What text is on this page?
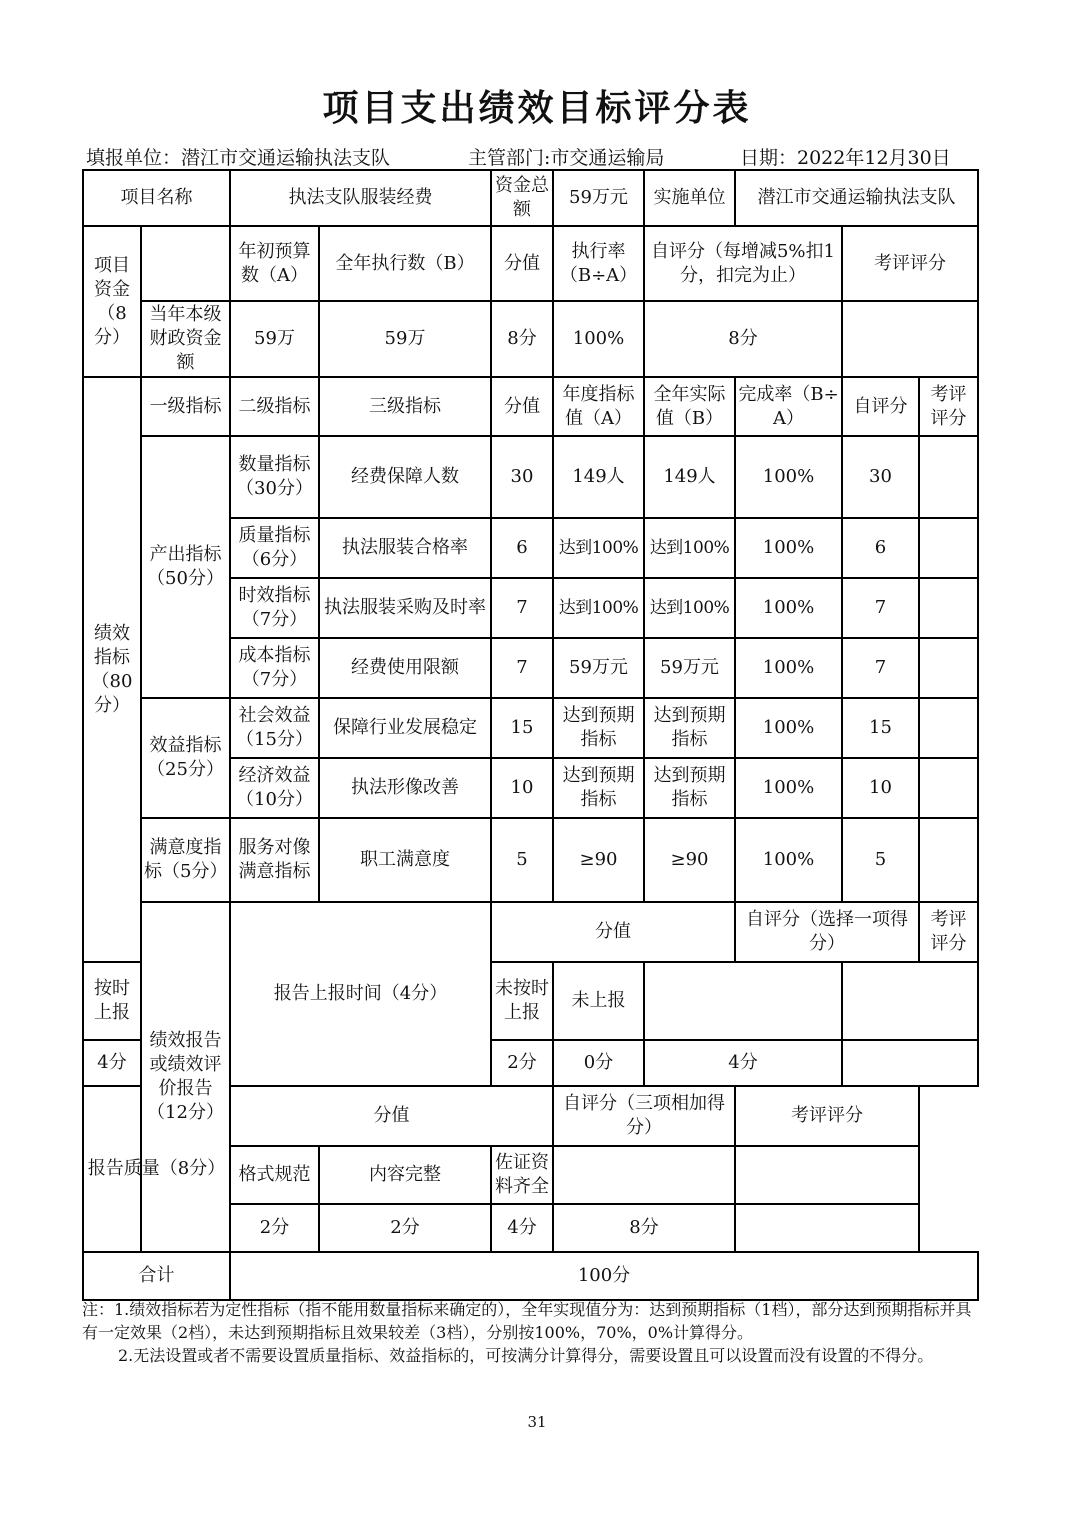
项目支出绩效目标评分表
填报单位：潜江市交通运输执法支队	主管部门:市交通运输局	日期：2022年12月30日
项目名称		执法支队服装经费		资金总额	59万元	实施单位	潜江市交通运输执法支队		
项目资金（8分）		年初预算数（A）	全年执行数（B）	分值	执行率（B÷A）	自评分（每增减5%扣1分，扣完为止）		考评评分	
	当年本级财政资金额	59万	59万	8分	100%	8分			
绩效指标（80分）	一级指标	二级指标	三级指标	分值	年度指标值（A）	全年实际值（B）	完成率（B÷A）	自评分	考评评分
	产出指标（50分）	数量指标（30分）	经费保障人数	30	149人	149人	100%	30	
		质量指标（6分）	执法服装合格率	6	达到100%	达到100%	100%	6	
		时效指标（7分）	执法服装采购及时率	7	达到100%	达到100%	100%	7	
		成本指标（7分）	经费使用限额	7	59万元	59万元	100%	7	
	效益指标（25分）	社会效益（15分）	保障行业发展稳定	15	达到预期指标	达到预期指标	100%	15	
		经济效益（10分）	执法形像改善	10	达到预期指标	达到预期指标	100%	10	
	满意度指标（5分）	服务对像满意指标	职工满意度	5	≥90	≥90	100%	5	
	绩效报告或绩效评价报告（12分）	报告上报时间（4分）		分值			自评分（选择一项得分）		考评评分
按时上报				未按时上报	未上报				
4分				2分	0分	4分			
报告质量（8分）		分值			自评分（三项相加得分）		考评评分		
		格式规范	内容完整	佐证资料齐全					
		2分	2分	4分	8分				
合计		100分							

注：1.绩效指标若为定性指标（指不能用数量指标来确定的），全年实现值分为：达到预期指标（1档），部分达到预期指标并具有一定效果（2档），未达到预期指标且效果较差（3档），分别按100%，70%，0%计算得分。

2.无法设置或者不需要设置质量指标、效益指标的，可按满分计算得分，需要设置且可以设置而没有设置的不得分。

31
